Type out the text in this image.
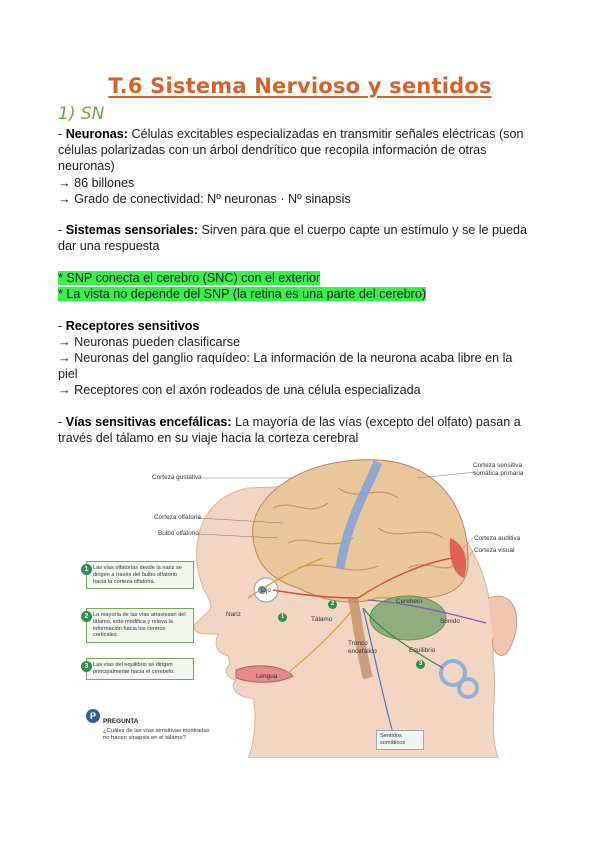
T.6 Sistema Nervioso y sentidos
1) SN
- Neuronas: Células excitables especializadas en transmitir señales eléctricas (son células polarizadas con un árbol dendrítico que recopila información de otras neuronas)
→ 86 billones
→ Grado de conectividad: Nº neuronas · Nº sinapsis
- Sistemas sensoriales: Sirven para que el cuerpo capte un estímulo y se le pueda dar una respuesta
* SNP conecta el cerebro (SNC) con el exterior
* La vista no depende del SNP (la retina es una parte del cerebro)
- Receptores sensitivos
→ Neuronas pueden clasificarse
→ Neuronas del ganglio raquídeo: La información de la neurona acaba libre en la piel
→ Receptores con el axón rodeados de una célula especializada
- Vías sensitivas encefálicas: La mayoría de las vías (excepto del olfato) pasan a través del tálamo en su viaje hacia la corteza cerebral
Corteza gustativa
Corteza olfatoria
Bulbo olfatorio
Corteza sensitiva
somática primaria
Corteza auditiva
Corteza visual
Ojo
Nariz
Tálamo
Cerebelo
Sonido
Tronco
encefálico	Equilibrio
Lengua
Sentidos
somáticos
1
2
3
1 Las vías olfatorias desde la nariz se dirigen a través del bulbo olfatorio hacia la corteza olfatoria.
2 La mayoría de las vías atraviesan del tálamo, este modifica y releva la información hacia los centros corticales.
3 Las vías del equilibrio se dirigen principalmente hacia el cerebelo.
P
PREGUNTA
¿Cuáles de las vías sensitivas mostradas no hacen sinapsis en el tálamo?
